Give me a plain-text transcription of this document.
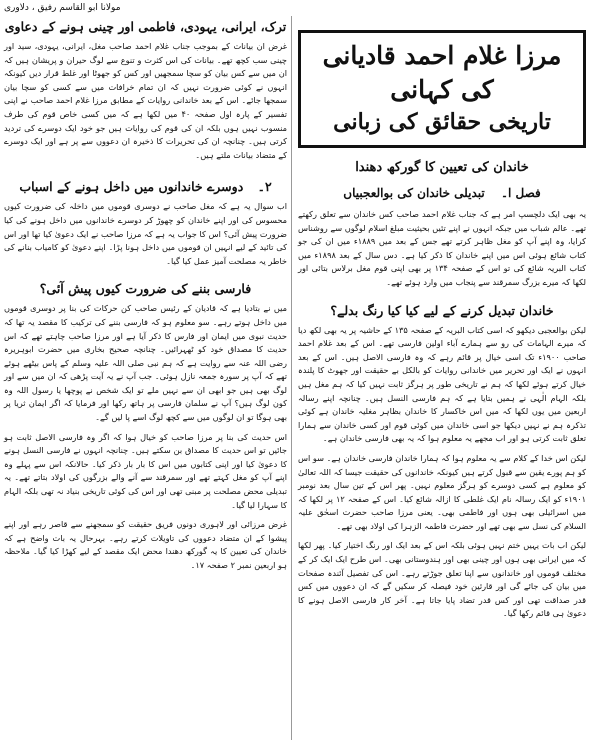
مولانا ابو القاسم رفیق ، دلاوری
مرزا غلام احمد قادیانی کی کہانی
تاریخی حقائق کی زبانی
خاندان کی تعیین کا گورکھ دھندا
فصل ا۔ تبدیلی خاندان کی بوالعجبیاں

یہ بھی ایک دلچسپ امر ہے کہ جناب غلام احمد صاحب کس خاندان سے تعلق رکھتے تھے۔ عالم شباب میں جبکہ انہوں نے اپنے تئیں بحیثیت مبلغ اسلام لوگوں سے روشناس کرایا، وہ اپنے آپ کو مغل ظاہر کرتے تھے جس کے بعد میں ۱۸۸۹ء میں ان کی جو کتاب شائع ہوئی اس میں اپنے خاندان کا ذکر کیا ہے۔ دس سال کے بعد ۱۸۹۸ء میں کتاب البریہ شائع کی تو اس کے صفحہ ۱۳۴ پر بھی اپنی قوم مغل برلاس بتائی اور لکھا کہ میرے بزرگ سمرقند سے پنجاب میں وارد ہوئے تھے۔

خاندان تبدیل کرنے کے لیے کیا کیا رنگ بدلے؟

لیکن بوالعجبی دیکھو کہ اسی کتاب البریہ کے صفحہ ۱۳۵ کے حاشیہ پر یہ بھی لکھ دیا کہ میرے الہامات کی رو سے ہمارے آباء اولین فارسی تھے۔ اس کے بعد غلام احمد صاحب ۱۹۰۰ء تک اسی خیال پر قائم رہے کہ وہ فارسی الاصل ہیں۔ اس کے بعد انہوں نے ایک اور تحریر میں خاندانی روایات کو بالکل بے حقیقت اور جھوٹ کا پلندہ خیال کرتے ہوئے لکھا کہ ہم نے تاریخی طور پر ہرگز ثابت نہیں کیا کہ ہم مغل ہیں بلکہ الہام الٰہی نے ہمیں بتایا ہے کہ ہم فارسی النسل ہیں۔ چنانچہ اپنے رسالہ اربعین میں یوں لکھا کہ میں اس خاکسار کا خاندان بظاہر مغلیہ خاندان ہے کوئی تذکرہ ہم نے نہیں دیکھا جو اسی خاندان میں کوئی قوم اور کسی خاندان سے ہمارا تعلق ثابت کرتی ہو اور اب مجھے یہ معلوم ہوا کہ یہ بھی فارسی خاندان ہے۔

لیکن اس خدا کے کلام سے یہ معلوم ہوا کہ ہمارا خاندان فارسی خاندان ہے۔ سو اس کو ہم پورے یقین سے قبول کرتے ہیں کیونکہ خاندانوں کی حقیقت جیسا کہ اللہ تعالیٰ کو معلوم ہے کسی دوسرے کو ہرگز معلوم نہیں۔ پھر اس کے تین سال بعد نومبر ۱۹۰۱ء کو ایک رسالہ نام ایک غلطی کا ازالہ شائع کیا۔ اس کے صفحہ ۱۲ پر لکھا کہ میں اسرائیلی بھی ہوں اور فاطمی بھی۔ یعنی مرزا صاحب حضرت اسحٰق علیہ السلام کی نسل سے بھی تھے اور حضرت فاطمہ الزہرا کی اولاد بھی تھے۔

لیکن اب بات یہیں ختم نہیں ہوئی بلکہ اس کے بعد ایک اور رنگ اختیار کیا۔ پھر لکھا کہ میں ایرانی بھی ہوں اور چینی بھی اور ہندوستانی بھی۔ اس طرح ایک ایک کر کے مختلف قوموں اور خاندانوں سے اپنا تعلق جوڑتے رہے۔ اس کی تفصیل آئندہ صفحات میں بیان کی جائے گی اور قارئین خود فیصلہ کر سکیں گے کہ ان دعووں میں کس قدر صداقت تھی اور کس قدر تضاد پایا جاتا ہے۔ آخر کار فارسی الاصل ہونے کا دعویٰ ہی قائم رکھا گیا۔

ترک، ایرانی، یہودی، فاطمی اور چینی ہونے کے دعاوی

غرض ان بیانات کے بموجب جناب غلام احمد صاحب مغل، ایرانی، یہودی، سید اور چینی سب کچھ تھے۔ بیانات کی اس کثرت و تنوع سے لوگ حیران و پریشان ہیں کہ ان میں سے کس بیان کو سچا سمجھیں اور کس کو جھوٹا اور غلط قرار دیں کیونکہ انہوں نے کوئی ضرورت نہیں کہ ان تمام خرافات میں سے کسی کو سچا بیان سمجھا جائے۔ اس کے بعد خاندانی روایات کے مطابق مرزا غلام احمد صاحب نے اپنی تفسیر کے پارہ اول صفحہ ۴۰ میں لکھا ہے کہ میں کسی خاص قوم کی طرف منسوب نہیں ہوں بلکہ ان کی قوم کی روایات ہیں جو خود ایک دوسرے کی تردید کرتی ہیں۔ چنانچہ ان کی تحریرات کا ذخیرہ ان دعووں سے پر ہے اور ایک دوسرے کے متضاد بیانات ملتے ہیں۔

۲۔ دوسرے خاندانوں میں داخل ہونے کے اسباب

اب سوال یہ ہے کہ مغل صاحب نے دوسری قوموں میں داخلہ کی ضرورت کیوں محسوس کی اور اپنے خاندان کو چھوڑ کر دوسرے خاندانوں میں داخل ہونے کی کیا ضرورت پیش آئی؟ اس کا جواب یہ ہے کہ مرزا صاحب نے ایک دعویٰ کیا تھا اور اس کی تائید کے لیے انہیں ان قوموں میں داخل ہونا پڑا۔ اپنے دعویٰ کو کامیاب بنانے کی خاطر یہ مصلحت آمیز عمل کیا گیا۔

فارسی بننے کی ضرورت کیوں پیش آئی؟

میں نے بتادیا ہے کہ قادیان کے رئیس صاحب کن حرکات کی بنا پر دوسری قوموں میں داخل ہوتے رہے۔ سو معلوم ہو کہ فارسی بننے کی ترکیب کا مقصد یہ تھا کہ حدیث نبوی میں ایمان اور فارس کا ذکر آیا ہے اور مرزا صاحب چاہتے تھے کہ اس حدیث کا مصداق خود کو ٹھہرائیں۔ چنانچہ صحیح بخاری میں حضرت ابوہریرہ رضی اللہ عنہ سے روایت ہے کہ ہم نبی صلی اللہ علیہ وسلم کے پاس بیٹھے ہوئے تھے کہ آپ پر سورہ جمعہ نازل ہوئی۔ جب آپ نے یہ آیت پڑھی کہ ان میں سے اور لوگ بھی ہیں جو ابھی ان سے نہیں ملے تو ایک شخص نے پوچھا یا رسول اللہ وہ کون لوگ ہیں؟ آپ نے سلمان فارسی پر ہاتھ رکھا اور فرمایا کہ اگر ایمان ثریا پر بھی ہوگا تو ان لوگوں میں سے کچھ لوگ اسے پا لیں گے۔

اس حدیث کی بنا پر مرزا صاحب کو خیال ہوا کہ اگر وہ فارسی الاصل ثابت ہو جائیں تو اس حدیث کا مصداق بن سکتے ہیں۔ چنانچہ انہوں نے فارسی النسل ہونے کا دعویٰ کیا اور اپنی کتابوں میں اس کا بار بار ذکر کیا۔ حالانکہ اس سے پہلے وہ اپنے آپ کو مغل کہتے تھے اور سمرقند سے آنے والے بزرگوں کی اولاد بتاتے تھے۔ یہ تبدیلی محض مصلحت پر مبنی تھی اور اس کی کوئی تاریخی بنیاد نہ تھی بلکہ الہام کا سہارا لیا گیا۔

غرض مرزائی اور لاہوری دونوں فریق حقیقت کو سمجھنے سے قاصر رہے اور اپنے پیشوا کے ان متضاد دعووں کی تاویلات کرتے رہے۔ بہرحال یہ بات واضح ہے کہ خاندان کی تعیین کا یہ گورکھ دھندا محض ایک مقصد کے لیے کھڑا کیا گیا۔ ملاحظہ ہو اربعین نمبر ۲ صفحہ ۱۷۔
